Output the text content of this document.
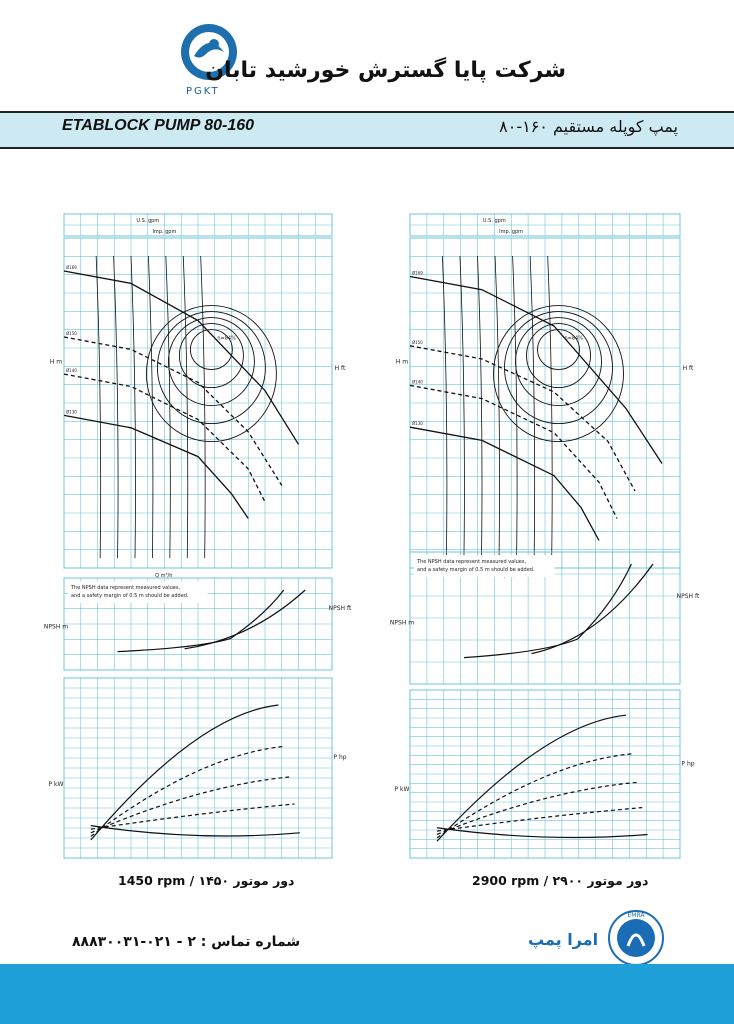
PGKT
شرکت پایا گسترش خورشید تابان
ETABLOCK PUMP 80-160	پمپ کوپله مستقیم ۱۶۰-۸۰
U.S. gpm
Imp. gpm
H m
H ft
Q m³/h
Ø169
Ø150
Ø140
Ø130
η=84%
NPSH m
NPSH ft
The NPSH data represent measured values,
and a safety margin of 0.5 m should be added.
P kW
P hp
U.S. gpm
Imp. gpm
H m
H ft
Ø169
Ø150
Ø140
Ø130
η=84%
NPSH m
NPSH ft
The NPSH data represent measured values,
and a safety margin of 0.5 m should be added.
P kW
P hp
1450 rpm / ۱۴۵۰ دور موتور	2900 rpm / ۲۹۰۰ دور موتور
شماره تماس : ۲ - ۰۲۱-۸۸۸۳۰۰۳۱	امرا پمپ
EMRA
